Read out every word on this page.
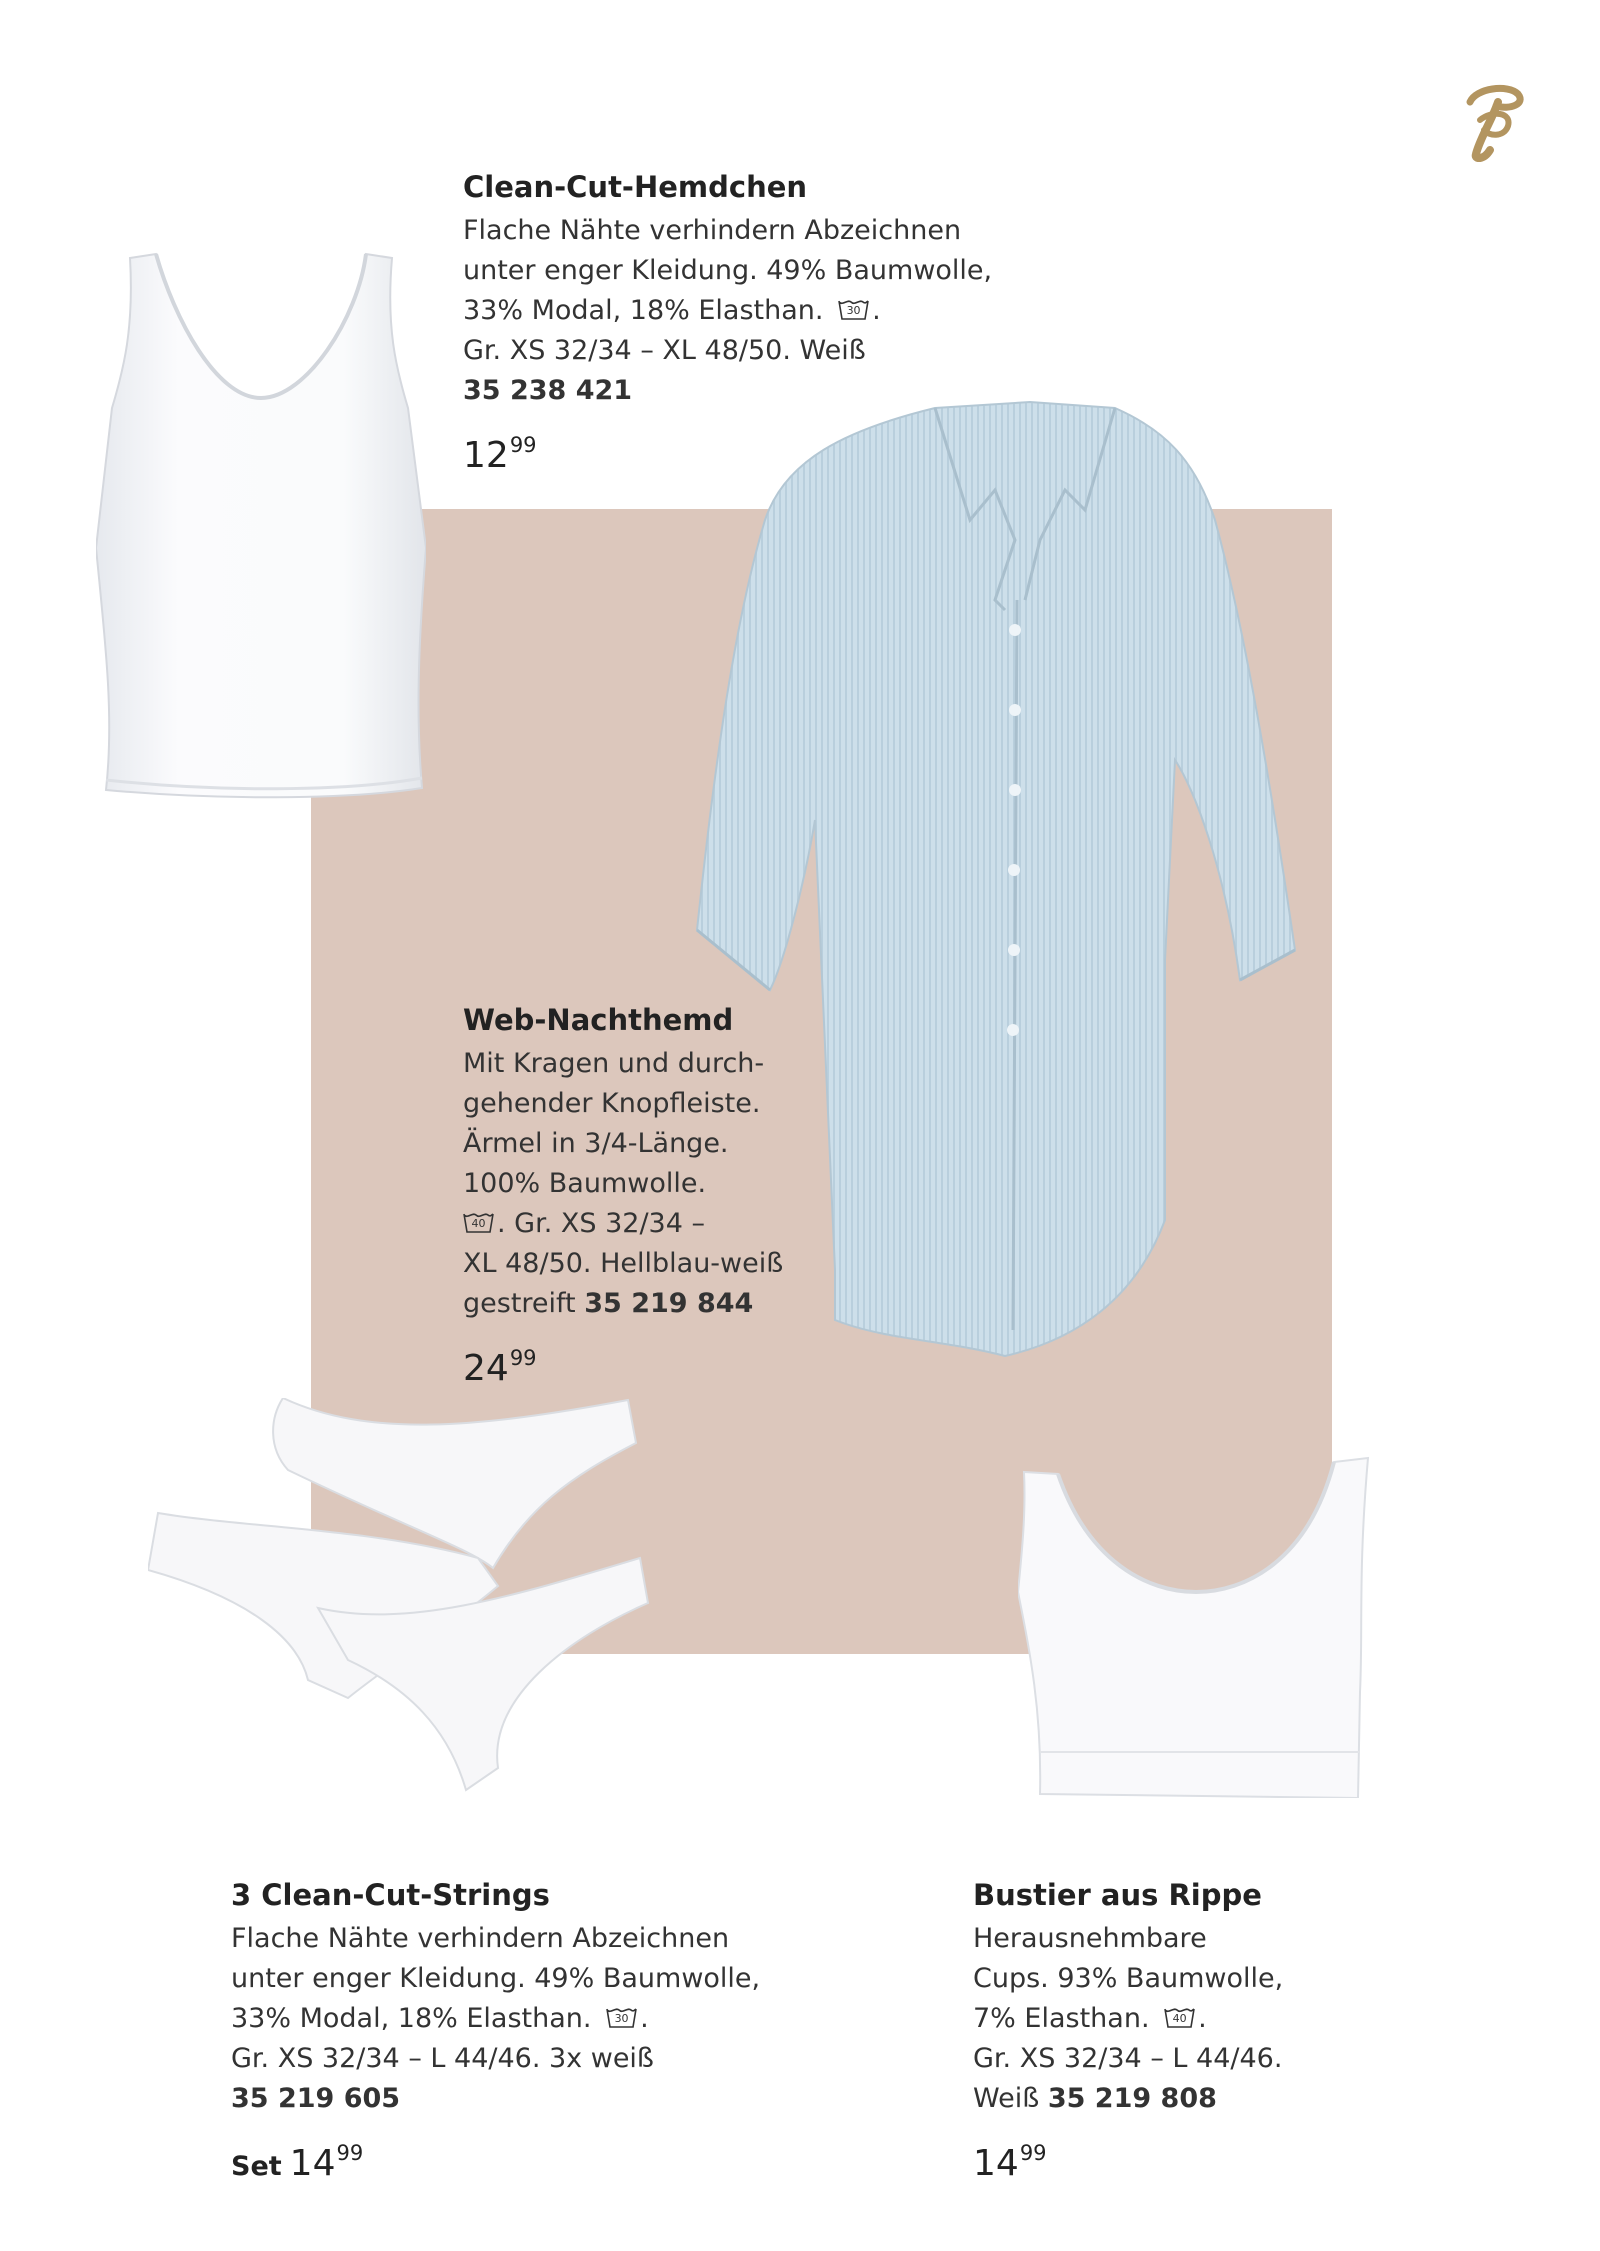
Clean-Cut-Hemdchen
Flache Nähte verhindern Abzeichnen
unter enger Kleidung. 49% Baumwolle,
33% Modal, 18% Elasthan.	30 .
Gr. XS 32/34 – XL 48/50. Weiß
35 238 421
$12^{99}$
Web-Nachthemd
Mit Kragen und durch-
gehender Knopfleiste.
Ärmel in 3/4-Länge.
100% Baumwolle.
40 . Gr. XS 32/34 –
XL 48/50. Hellblau-weiß
gestreift 35 219 844
$24^{99}$
3 Clean-Cut-Strings
Flache Nähte verhindern Abzeichnen
unter enger Kleidung. 49% Baumwolle,
33% Modal, 18% Elasthan.	30 .
Gr. XS 32/34 – L 44/46. 3x weiß
35 219 605
Set $14^{99}$
Bustier aus Rippe
Herausnehmbare
Cups. 93% Baumwolle,
7% Elasthan.	40 .
Gr. XS 32/34 – L 44/46.
Weiß 35 219 808
$14^{99}$
